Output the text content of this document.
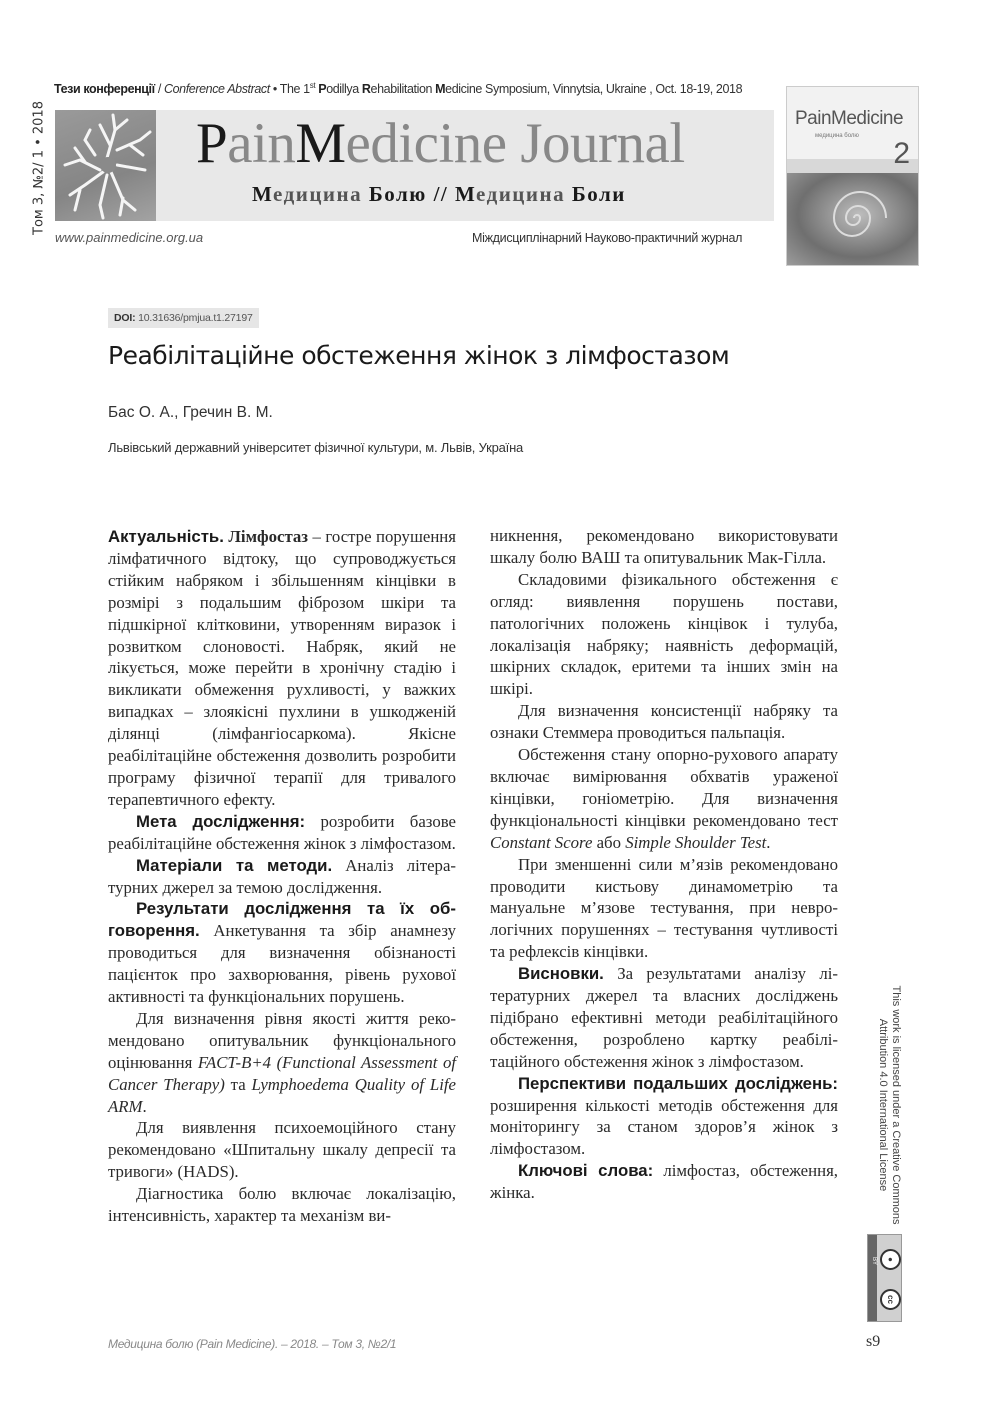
Тези конференції / Conference Abstract • The 1st Podillya Rehabilitation Medicine Symposium, Vinnytsia, Ukraine , Oct. 18-19, 2018
Том 3, №2/ 1 • 2018	PainMedicine Journal
Медицина Болю // Медицина Боли
www.painmedicine.org.ua	Міждисциплінарний Науково-практичний журнал
PainMedicine
медицина болю
2
DOI: 10.31636/pmjua.t1.27197
Реабілітаційне обстеження жінок з лімфостазом
Бас О. А., Гречин В. М.
Львівський державний університет фізичної культури, м. Львів, Україна

Актуальність. Лімфостаз – гостре порушення лімфатичного відтоку, що супроводжується стійким набряком і збільшенням кінцівки в розмірі з подальшим фіброзом шкіри та підшкірної клітковини, утворенням виразок і розвитком слоновості. Набряк, який не лікується, може перейти в хронічну стадію і викликати обмеження рухливості, у важких випадках – злоякісні пухлини в ушкодженій ділянці (лімфангіосаркома). Якісне реабілітаційне обстеження дозволить розробити програму фізичної терапії для тривалого терапевтичного ефекту.

Мета дослідження: розробити базове реабілітаційне обстеження жінок з лімфостазом.

Матеріали та методи. Аналіз літературних джерел за темою дослідження.

Результати дослідження та їх обговорення. Анкетування та збір анамнезу проводиться для визначення обізнаності пацієнток про захворювання, рівень рухової активності та функціональних порушень.

Для визначення рівня якості життя рекомендовано опитувальник функціонального оцінювання FACT-B+4 (Functional Assessment of Cancer Therapy) та Lymphoedema Quality of Life ARM.

Для виявлення психоемоційного стану рекомендовано «Шпитальну шкалу депресії та тривоги» (HADS).

Діагностика болю включає локалізацію, інтенсивність, характер та механізм ви-

никнення, рекомендовано використовувати шкалу болю ВАШ та опитувальник Мак-Гілла.

Складовими фізикального обстеження є огляд: виявлення порушень постави, патологічних положень кінцівок і тулуба, локалізація набряку; наявність деформацій, шкірних складок, еритеми та інших змін на шкірі.

Для визначення консистенції набряку та ознаки Стеммера проводиться пальпація.

Обстеження стану опорно-рухового апарату включає вимірювання обхватів ураженої кінцівки, гоніометрію. Для визначення функціональності кінцівки рекомендовано тест Constant Score або Simple Shoulder Test.

При зменшенні сили м’язів рекомендовано проводити кистьову динамометрію та мануальне м’язове тестування, при неврологічних порушеннях – тестування чутливості та рефлексів кінцівки.

Висновки. За результатами аналізу літературних джерел та власних досліджень підібрано ефективні методи реабілітаційного обстеження, розроблено картку реабілітаційного обстеження жінок з лімфостазом.

Перспективи подальших досліджень: розширення кількості методів обстеження для моніторингу за станом здоров’я жінок з лімфостазом.

Ключові слова: лімфостаз, обстеження, жінка.	This work is licensed under a Creative Commons
Attribution 4.0 International License
BY	●
cc
Медицина болю (Pain Medicine). – 2018. – Том 3, №2/1	s9
